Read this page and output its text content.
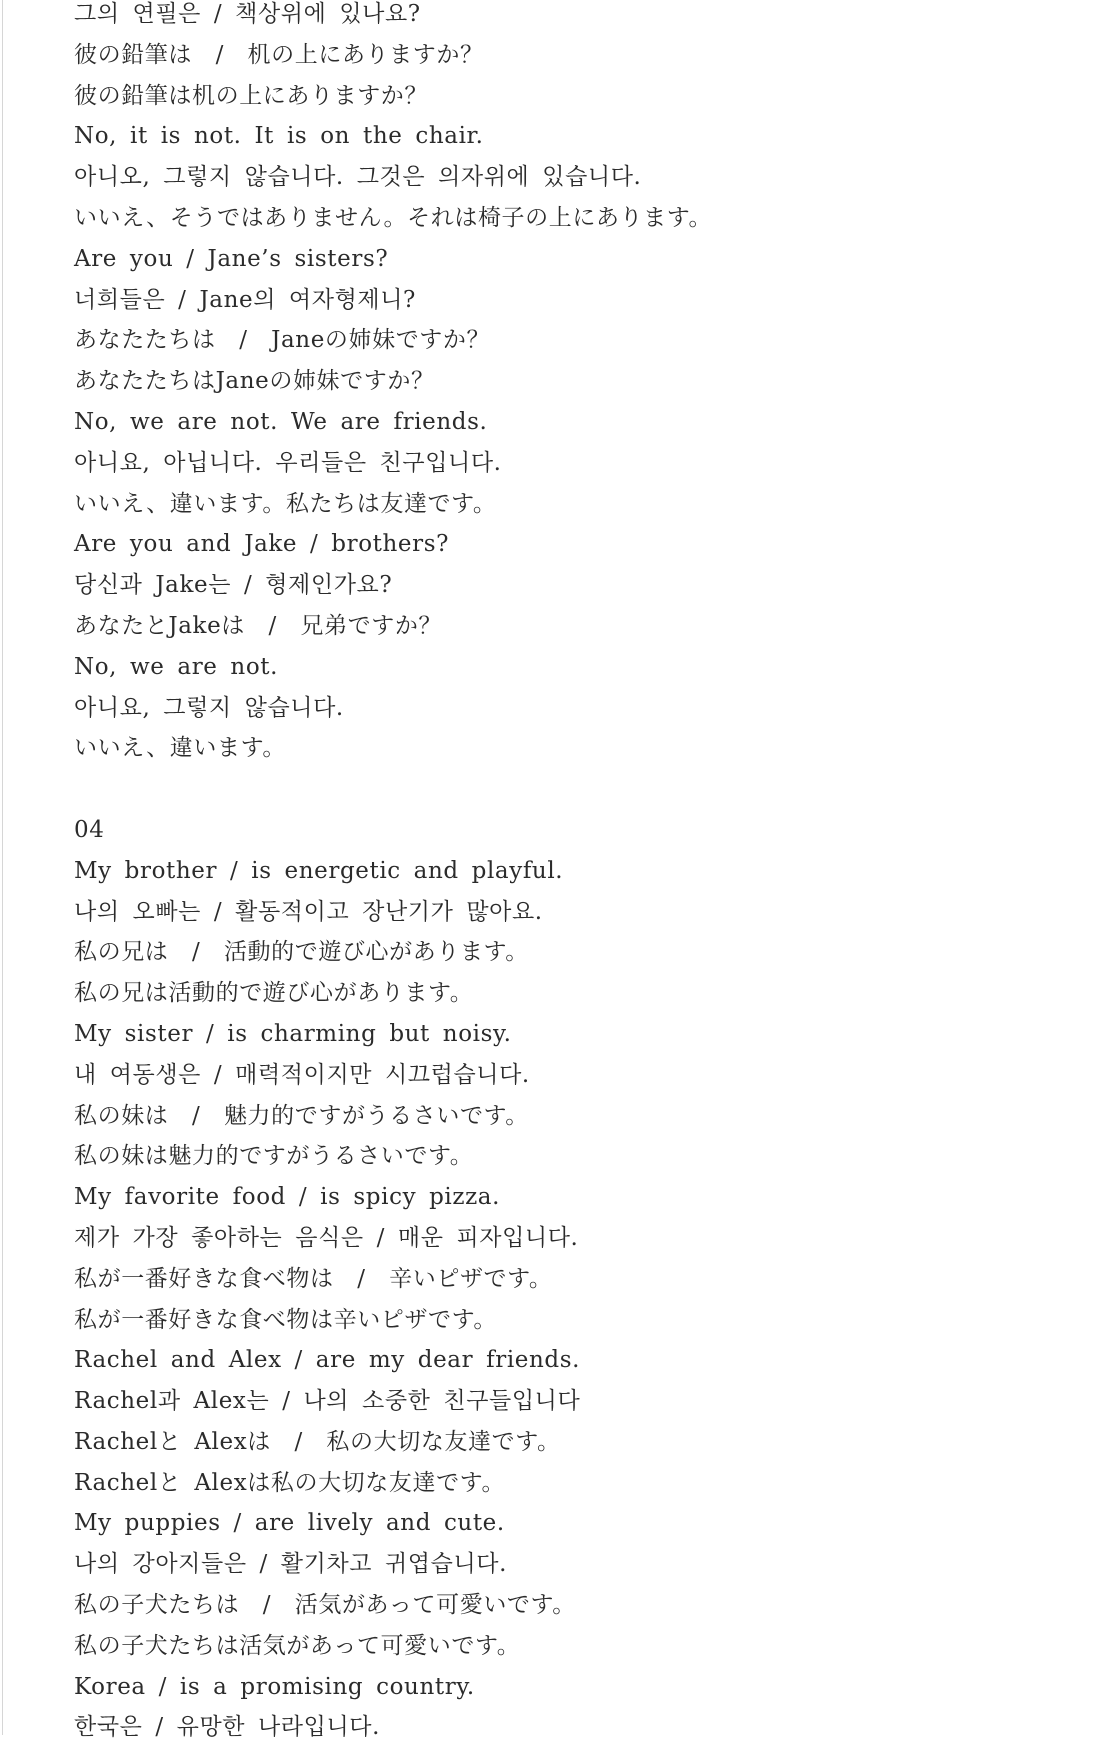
그의 연필은 / 책상위에 있나요?
彼の鉛筆は　/　机の上にありますか？
彼の鉛筆は机の上にありますか？
No, it is not. It is on the chair.
아니오, 그렇지 않습니다. 그것은 의자위에 있습니다.
いいえ、そうではありません。それは椅子の上にあります。
Are you / Jane’s sisters?
너희들은 / Jane의 여자형제니?
あなたたちは　/　Janeの姉妹ですか？
あなたたちはJaneの姉妹ですか？
No, we are not. We are friends.
아니요, 아닙니다. 우리들은 친구입니다.
いいえ、違います。私たちは友達です。
Are you and Jake / brothers?
당신과 Jake는 / 형제인가요?
あなたとJakeは　/　兄弟ですか？
No, we are not.
아니요, 그렇지 않습니다.
いいえ、違います。
04
My brother / is energetic and playful.
나의 오빠는 / 활동적이고 장난기가 많아요.
私の兄は　/　活動的で遊び心があります。
私の兄は活動的で遊び心があります。
My sister / is charming but noisy.
내 여동생은 / 매력적이지만 시끄럽습니다.
私の妹は　/　魅力的ですがうるさいです。
私の妹は魅力的ですがうるさいです。
My favorite food / is spicy pizza.
제가 가장 좋아하는 음식은 / 매운 피자입니다.
私が一番好きな食べ物は　/　辛いピザです。
私が一番好きな食べ物は辛いピザです。
Rachel and Alex / are my dear friends.
Rachel과 Alex는 / 나의 소중한 친구들입니다
Rachelと Alexは　/　私の大切な友達です。
Rachelと Alexは私の大切な友達です。
My puppies / are lively and cute.
나의 강아지들은 / 활기차고 귀엽습니다.
私の子犬たちは　/　活気があって可愛いです。
私の子犬たちは活気があって可愛いです。
Korea / is a promising country.
한국은 / 유망한 나라입니다.
